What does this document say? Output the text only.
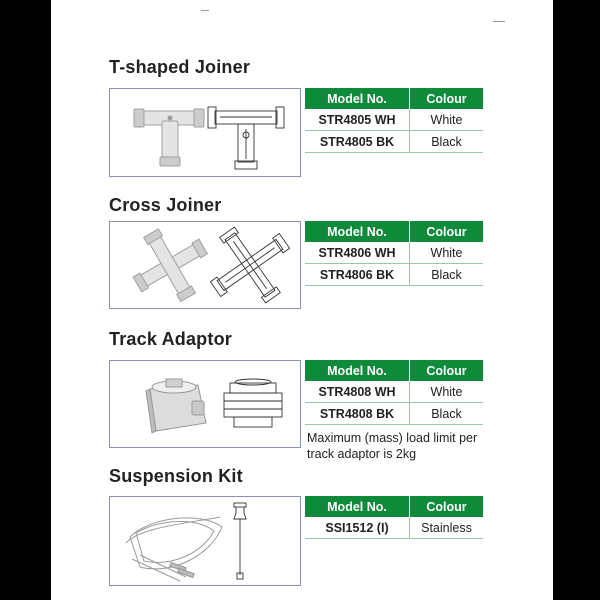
T-shaped Joiner
Model No.	Colour
STR4805 WH	White
STR4805 BK	Black
Cross Joiner
Model No.	Colour
STR4806 WH	White
STR4806 BK	Black
Track Adaptor
Model No.	Colour
STR4808 WH	White
STR4808 BK	Black
Maximum (mass) load limit per track adaptor is 2kg
Suspension Kit
Model No.	Colour
SSI1512 (I)	Stainless
